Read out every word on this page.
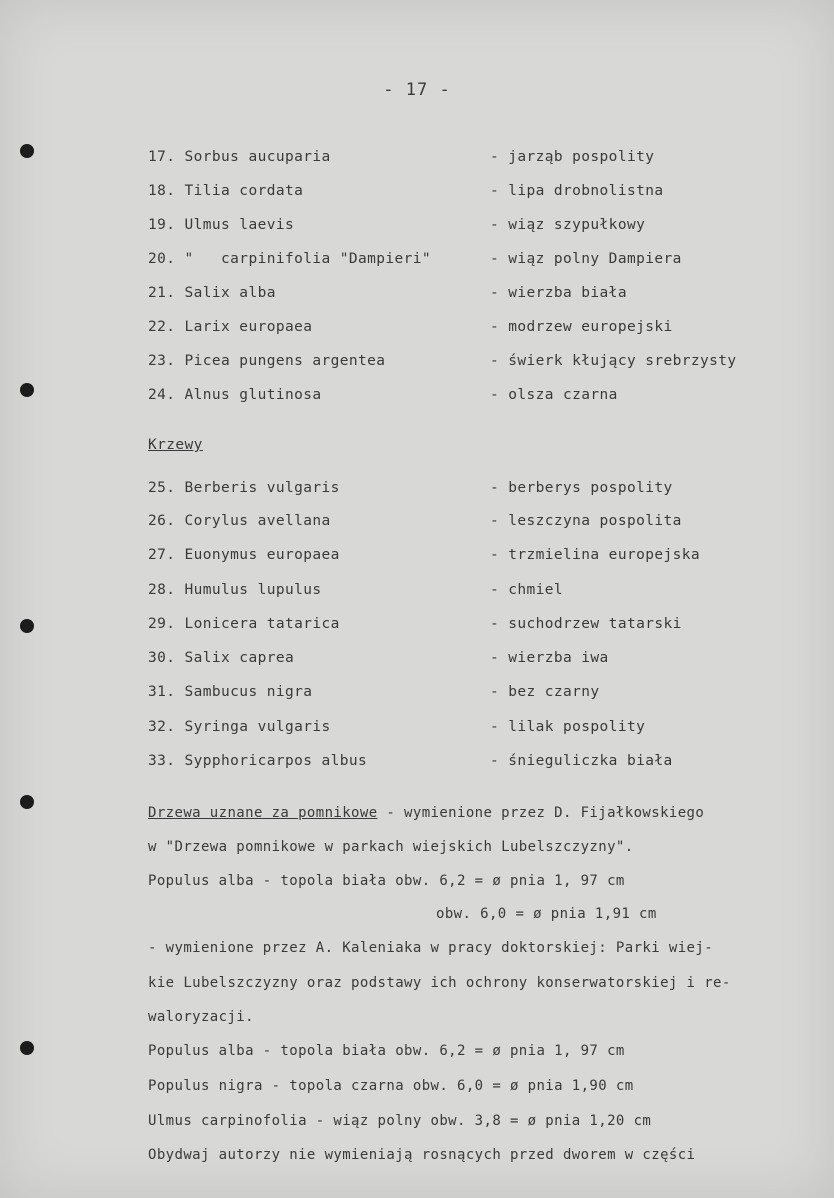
- 17 -
17. Sorbus aucuparia	- jarząb pospolity
18. Tilia cordata	- lipa drobnolistna
19. Ulmus laevis	- wiąz szypułkowy
20. "   carpinifolia "Dampieri"	- wiąz polny Dampiera
21. Salix alba	- wierzba biała
22. Larix europaea	- modrzew europejski
23. Picea pungens argentea	- świerk kłujący srebrzysty
24. Alnus glutinosa	- olsza czarna
Krzewy
25. Berberis vulgaris	- berberys pospolity
26. Corylus avellana	- leszczyna pospolita
27. Euonymus europaea	- trzmielina europejska
28. Humulus lupulus	- chmiel
29. Lonicera tatarica	- suchodrzew tatarski
30. Salix caprea	- wierzba iwa
31. Sambucus nigra	- bez czarny
32. Syringa vulgaris	- lilak pospolity
33. Sypphoricarpos albus	- śnieguliczka biała
Drzewa uznane za pomnikowe - wymienione przez D. Fijałkowskiego
w "Drzewa pomnikowe w parkach wiejskich Lubelszczyzny".
Populus alba - topola biała obw. 6,2 = ø pnia 1, 97 cm
obw. 6,0 = ø pnia 1,91 cm
- wymienione przez A. Kaleniaka w pracy doktorskiej: Parki wiej-
kie Lubelszczyzny oraz podstawy ich ochrony konserwatorskiej i re-
waloryzacji.
Populus alba - topola biała obw. 6,2 = ø pnia 1, 97 cm
Populus nigra - topola czarna obw. 6,0 = ø pnia 1,90 cm
Ulmus carpinofolia - wiąz polny obw. 3,8 = ø pnia 1,20 cm
Obydwaj autorzy nie wymieniają rosnących przed dworem w części
